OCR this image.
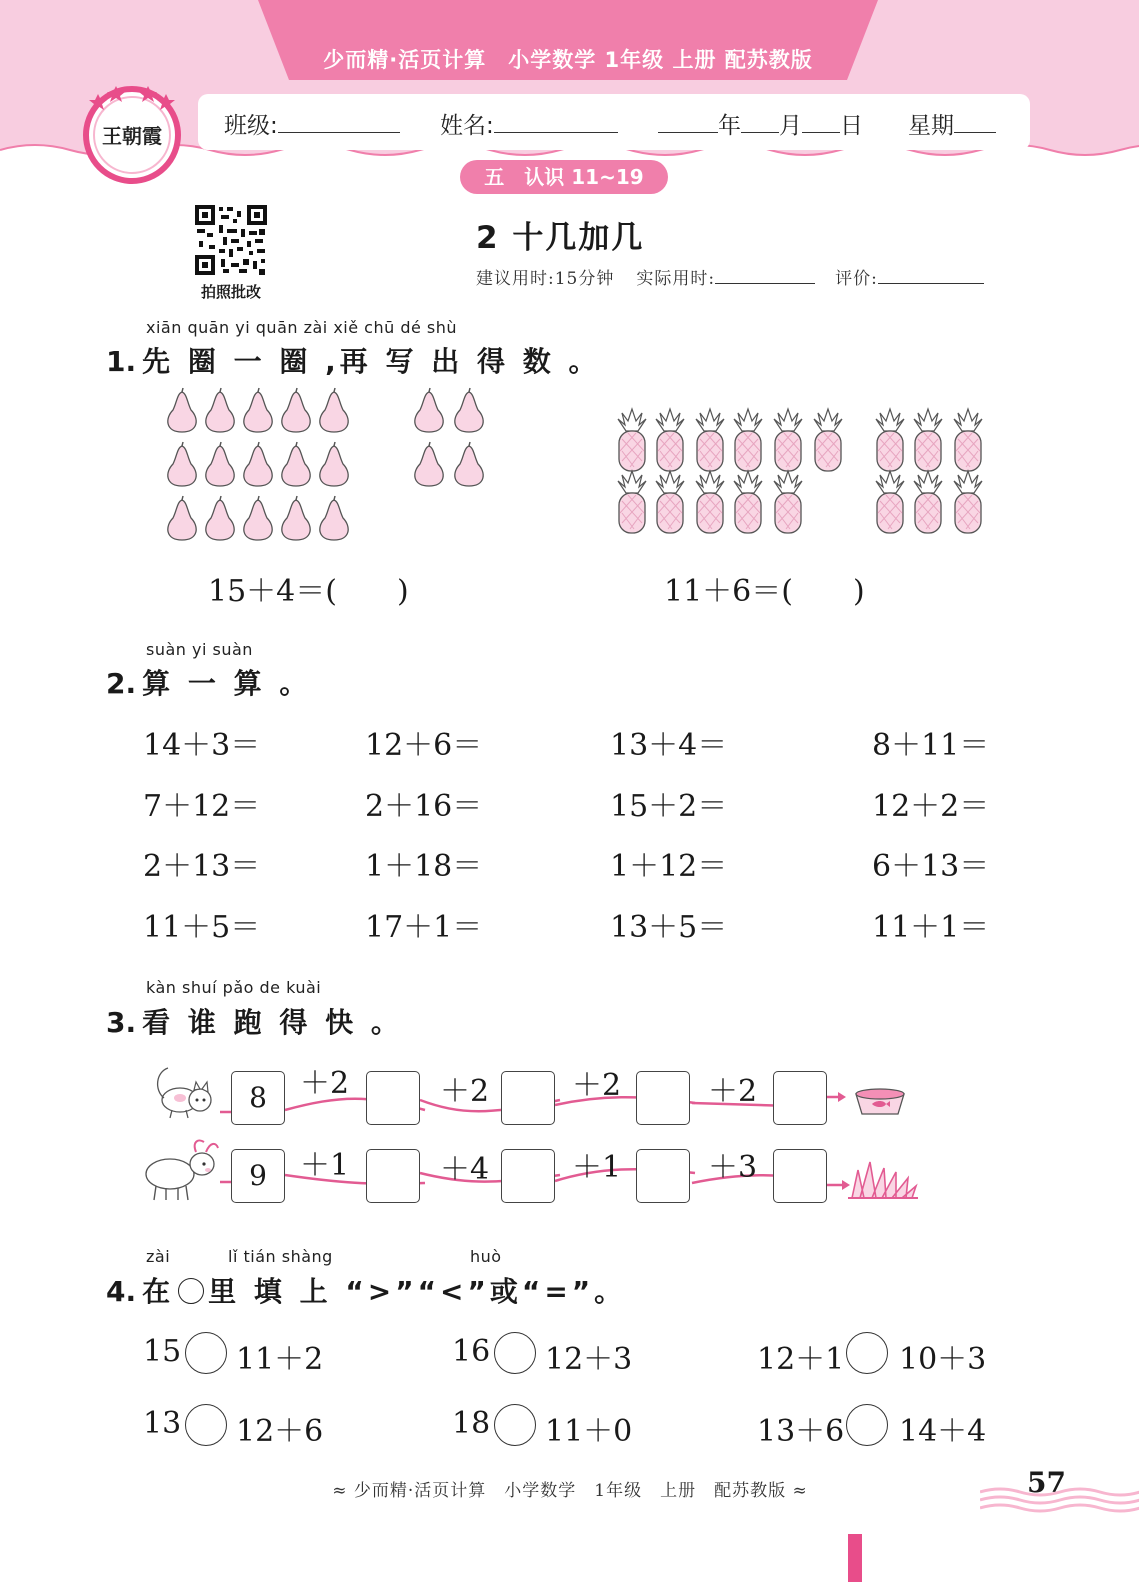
少而精·活页计算　小学数学 1年级 上册 配苏教版
王朝霞	班级:	姓名:	年 月 日 星期
五　认识 11~19
拍照批改
2 十几加几
建议用时:15分钟 实际用时:	评价:
xiān quān yi quān zài xiě chū dé shù
1. 先 圈 一 圈 ,再 写 出 得 数 。
15＋4＝(　　)	11＋6＝(　　)
suàn yi suàn
2. 算 一 算 。
14＋3＝	12＋6＝	13＋4＝	8＋11＝
7＋12＝	2＋16＝	15＋2＝	12＋2＝
2＋13＝	1＋18＝	1＋12＝	6＋13＝
11＋5＝	17＋1＝	13＋5＝	11＋1＝
kàn shuí pǎo de kuài
3. 看 谁 跑 得 快 。
8	＋2	＋2	＋2	＋2
9	＋1	＋4	＋1	＋3
zài	lǐ tián shàng	huò
4. 在 里 填 上 “>”“<”或“=”。
15 11＋2	16 12＋3	12＋1 10＋3
13 12＋6	18 11＋0	13＋6 14＋4
≈ 少而精·活页计算　小学数学　1年级　上册　配苏教版 ≈	57
